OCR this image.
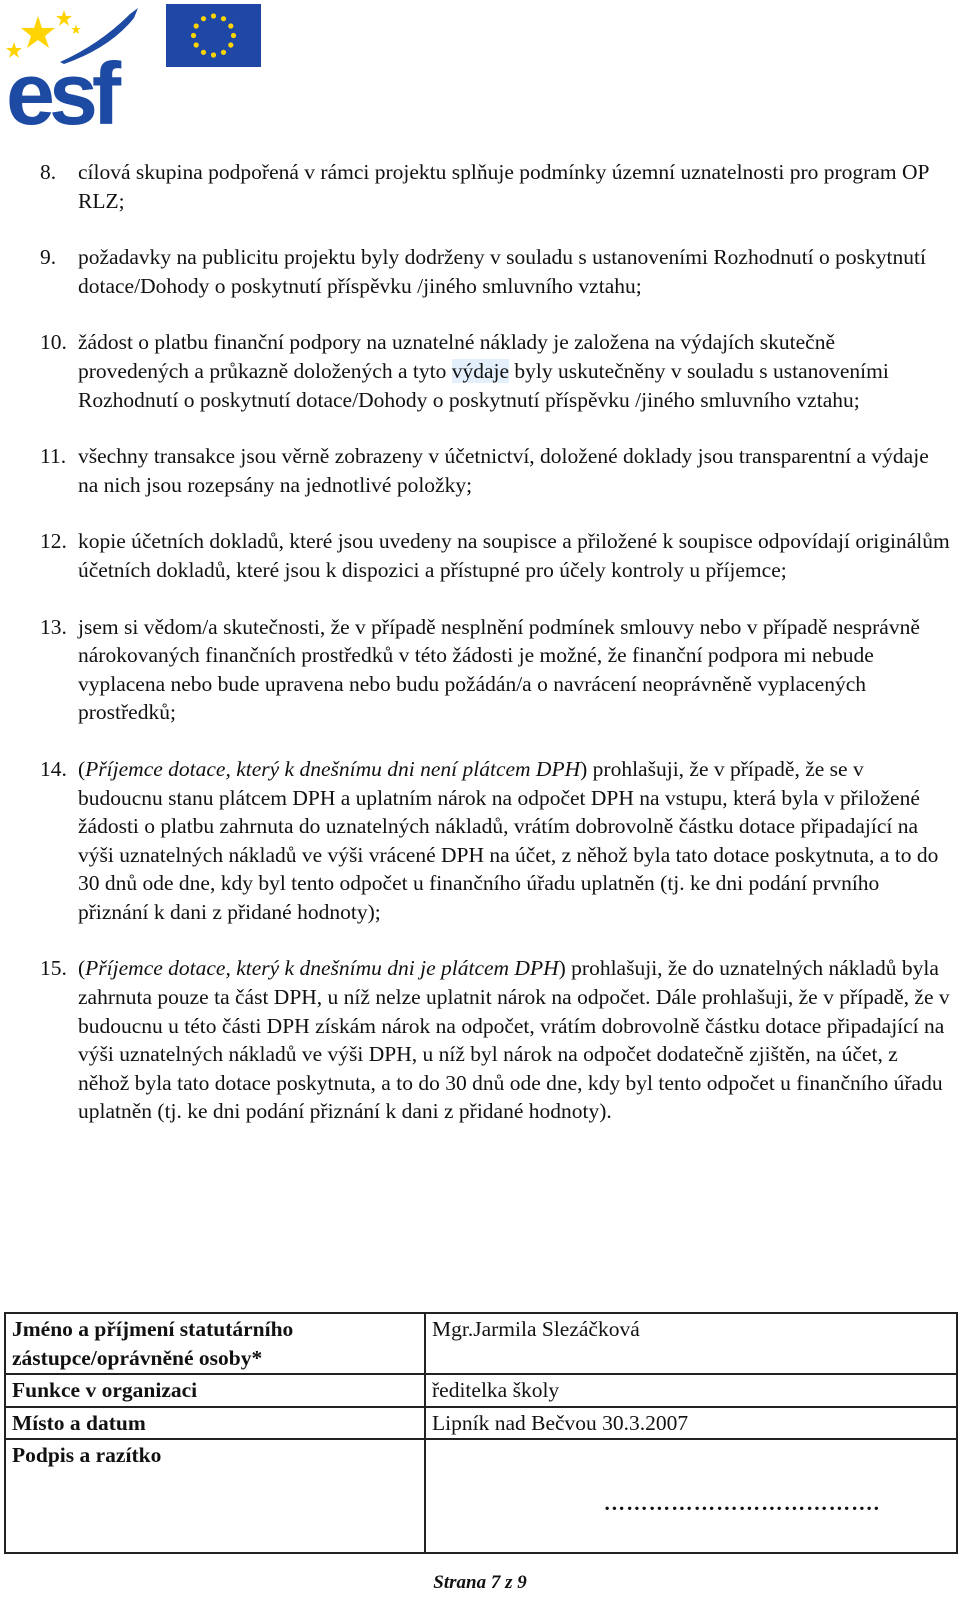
esf
8.	cílová skupina podpořená v rámci projektu splňuje podmínky územní uznatelnosti pro program OP RLZ;
9.	požadavky na publicitu projektu byly dodrženy v souladu s ustanoveními Rozhodnutí o poskytnutí dotace/Dohody o poskytnutí příspěvku /jiného smluvního vztahu;
10. žádost o platbu finanční podpory na uznatelné náklady je založena na výdajích skutečně provedených a průkazně doložených a tyto výdaje byly uskutečněny v souladu s ustanoveními Rozhodnutí o poskytnutí dotace/Dohody o poskytnutí příspěvku /jiného smluvního vztahu;
11. všechny transakce jsou věrně zobrazeny v účetnictví, doložené doklady jsou transparentní a výdaje na nich jsou rozepsány na jednotlivé položky;
12. kopie účetních dokladů, které jsou uvedeny na soupisce a přiložené k soupisce odpovídají originálům účetních dokladů, které jsou k dispozici a přístupné pro účely kontroly u příjemce;
13. jsem si vědom/a skutečnosti, že v případě nesplnění podmínek smlouvy nebo v případě nesprávně nárokovaných finančních prostředků v této žádosti je možné, že finanční podpora mi nebude vyplacena nebo bude upravena nebo budu požádán/a o navrácení neoprávněně vyplacených prostředků;
14. (Příjemce dotace, který k dnešnímu dni není plátcem DPH) prohlašuji, že v případě, že se v budoucnu stanu plátcem DPH a uplatním nárok na odpočet DPH na vstupu, která byla v přiložené žádosti o platbu zahrnuta do uznatelných nákladů, vrátím dobrovolně částku dotace připadající na výši uznatelných nákladů ve výši vrácené DPH na účet, z něhož byla tato dotace poskytnuta, a to do 30 dnů ode dne, kdy byl tento odpočet u finančního úřadu uplatněn (tj. ke dni podání prvního přiznání k dani z přidané hodnoty);
15. (Příjemce dotace, který k dnešnímu dni je plátcem DPH) prohlašuji, že do uznatelných nákladů byla zahrnuta pouze ta část DPH, u níž nelze uplatnit nárok na odpočet. Dále prohlašuji, že v případě, že v budoucnu u této části DPH získám nárok na odpočet, vrátím dobrovolně částku dotace připadající na výši uznatelných nákladů ve výši DPH, u níž byl nárok na odpočet dodatečně zjištěn, na účet, z něhož byla tato dotace poskytnuta, a to do 30 dnů ode dne, kdy byl tento odpočet u finančního úřadu uplatněn (tj. ke dni podání přiznání k dani z přidané hodnoty).
Jméno a příjmení statutárního zástupce/oprávněné osoby*	Mgr.Jarmila Slezáčková
Funkce v organizaci	ředitelka školy
Místo a datum	Lipník nad Bečvou 30.3.2007
Podpis a razítko	……………………………….
Strana 7 z 9
